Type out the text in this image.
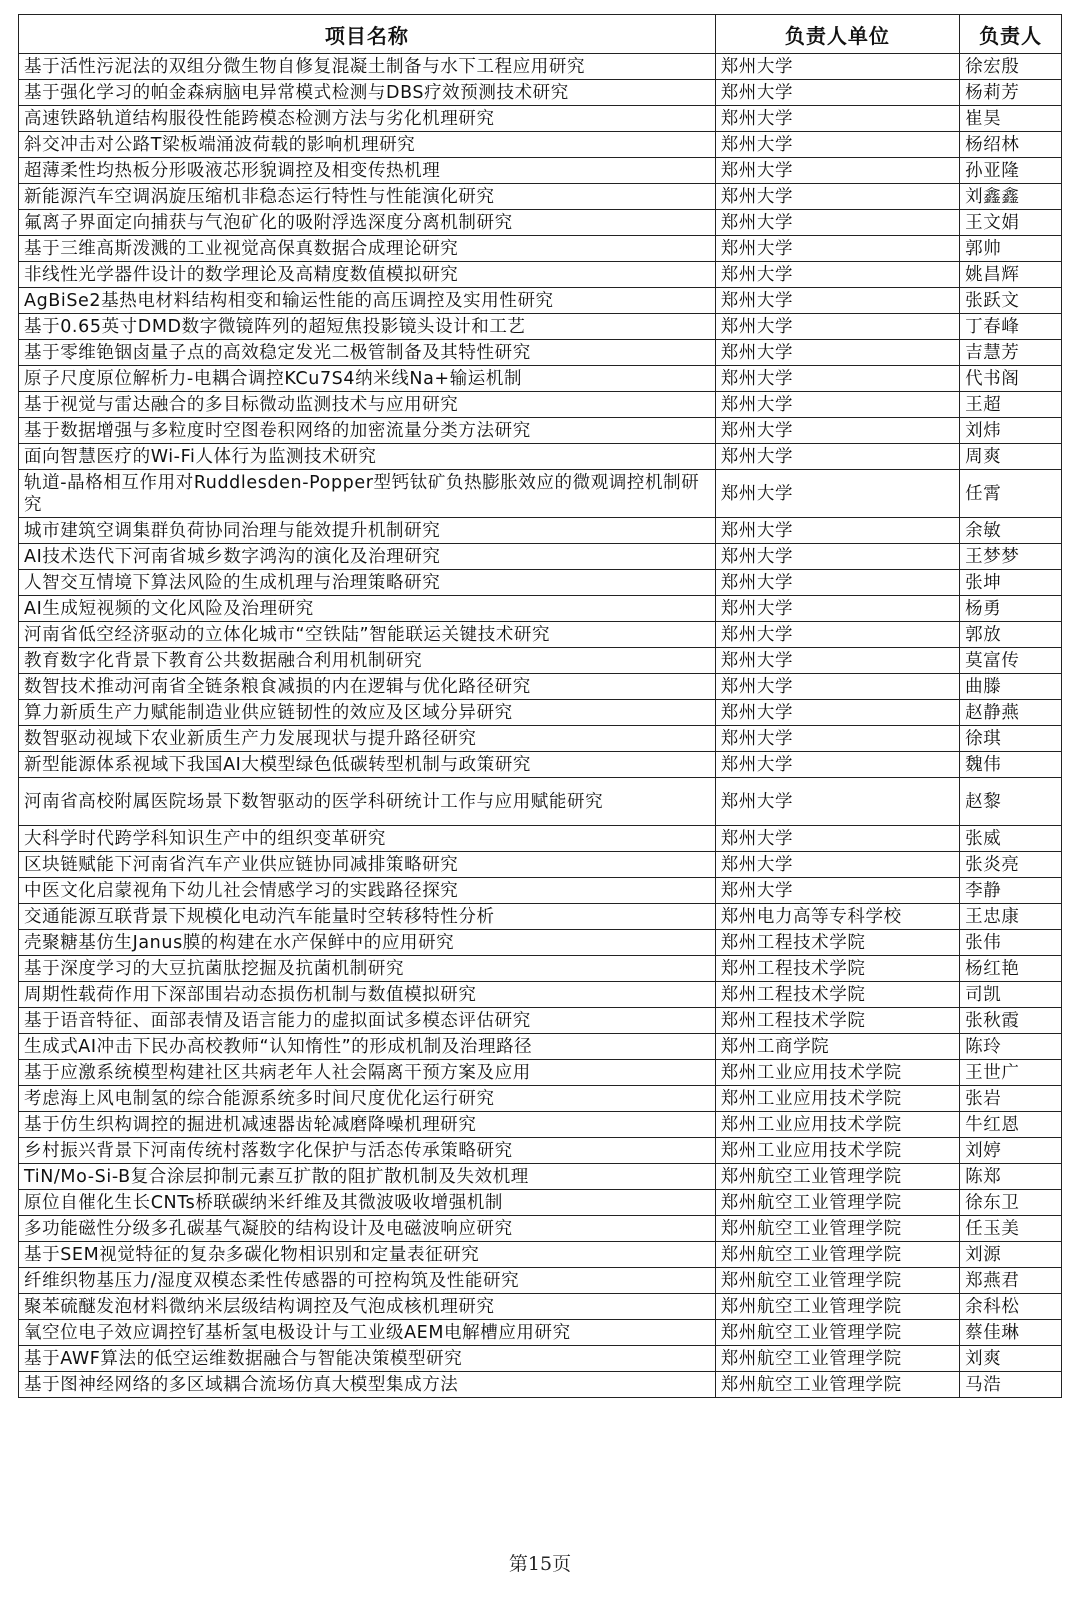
项目名称	负责人单位	负责人
基于活性污泥法的双组分微生物自修复混凝土制备与水下工程应用研究	郑州大学	徐宏殷
基于强化学习的帕金森病脑电异常模式检测与DBS疗效预测技术研究	郑州大学	杨莉芳
高速铁路轨道结构服役性能跨模态检测方法与劣化机理研究	郑州大学	崔昊
斜交冲击对公路T梁板端涌波荷载的影响机理研究	郑州大学	杨绍林
超薄柔性均热板分形吸液芯形貌调控及相变传热机理	郑州大学	孙亚隆
新能源汽车空调涡旋压缩机非稳态运行特性与性能演化研究	郑州大学	刘鑫鑫
氟离子界面定向捕获与气泡矿化的吸附浮选深度分离机制研究	郑州大学	王文娟
基于三维高斯泼溅的工业视觉高保真数据合成理论研究	郑州大学	郭帅
非线性光学器件设计的数学理论及高精度数值模拟研究	郑州大学	姚昌辉
AgBiSe2基热电材料结构相变和输运性能的高压调控及实用性研究	郑州大学	张跃文
基于0.65英寸DMD数字微镜阵列的超短焦投影镜头设计和工艺	郑州大学	丁春峰
基于零维铯铟卤量子点的高效稳定发光二极管制备及其特性研究	郑州大学	吉慧芳
原子尺度原位解析力-电耦合调控KCu7S4纳米线Na+输运机制	郑州大学	代书阁
基于视觉与雷达融合的多目标微动监测技术与应用研究	郑州大学	王超
基于数据增强与多粒度时空图卷积网络的加密流量分类方法研究	郑州大学	刘炜
面向智慧医疗的Wi-Fi人体行为监测技术研究	郑州大学	周爽
轨道-晶格相互作用对Ruddlesden-Popper型钙钛矿负热膨胀效应的微观调控机制研究	郑州大学	任霄
城市建筑空调集群负荷协同治理与能效提升机制研究	郑州大学	余敏
AI技术迭代下河南省城乡数字鸿沟的演化及治理研究	郑州大学	王梦梦
人智交互情境下算法风险的生成机理与治理策略研究	郑州大学	张坤
AI生成短视频的文化风险及治理研究	郑州大学	杨勇
河南省低空经济驱动的立体化城市“空铁陆”智能联运关键技术研究	郑州大学	郭放
教育数字化背景下教育公共数据融合利用机制研究	郑州大学	莫富传
数智技术推动河南省全链条粮食减损的内在逻辑与优化路径研究	郑州大学	曲滕
算力新质生产力赋能制造业供应链韧性的效应及区域分异研究	郑州大学	赵静燕
数智驱动视域下农业新质生产力发展现状与提升路径研究	郑州大学	徐琪
新型能源体系视域下我国AI大模型绿色低碳转型机制与政策研究	郑州大学	魏伟
河南省高校附属医院场景下数智驱动的医学科研统计工作与应用赋能研究	郑州大学	赵黎
大科学时代跨学科知识生产中的组织变革研究	郑州大学	张威
区块链赋能下河南省汽车产业供应链协同减排策略研究	郑州大学	张炎亮
中医文化启蒙视角下幼儿社会情感学习的实践路径探究	郑州大学	李静
交通能源互联背景下规模化电动汽车能量时空转移特性分析	郑州电力高等专科学校	王忠康
壳聚糖基仿生Janus膜的构建在水产保鲜中的应用研究	郑州工程技术学院	张伟
基于深度学习的大豆抗菌肽挖掘及抗菌机制研究	郑州工程技术学院	杨红艳
周期性载荷作用下深部围岩动态损伤机制与数值模拟研究	郑州工程技术学院	司凯
基于语音特征、面部表情及语言能力的虚拟面试多模态评估研究	郑州工程技术学院	张秋霞
生成式AI冲击下民办高校教师“认知惰性”的形成机制及治理路径	郑州工商学院	陈玲
基于应激系统模型构建社区共病老年人社会隔离干预方案及应用	郑州工业应用技术学院	王世广
考虑海上风电制氢的综合能源系统多时间尺度优化运行研究	郑州工业应用技术学院	张岩
基于仿生织构调控的掘进机减速器齿轮减磨降噪机理研究	郑州工业应用技术学院	牛红恩
乡村振兴背景下河南传统村落数字化保护与活态传承策略研究	郑州工业应用技术学院	刘婷
TiN/Mo-Si-B复合涂层抑制元素互扩散的阻扩散机制及失效机理	郑州航空工业管理学院	陈郑
原位自催化生长CNTs桥联碳纳米纤维及其微波吸收增强机制	郑州航空工业管理学院	徐东卫
多功能磁性分级多孔碳基气凝胶的结构设计及电磁波响应研究	郑州航空工业管理学院	任玉美
基于SEM视觉特征的复杂多碳化物相识别和定量表征研究	郑州航空工业管理学院	刘源
纤维织物基压力/湿度双模态柔性传感器的可控构筑及性能研究	郑州航空工业管理学院	郑燕君
聚苯硫醚发泡材料微纳米层级结构调控及气泡成核机理研究	郑州航空工业管理学院	余科松
氧空位电子效应调控钌基析氢电极设计与工业级AEM电解槽应用研究	郑州航空工业管理学院	蔡佳琳
基于AWF算法的低空运维数据融合与智能决策模型研究	郑州航空工业管理学院	刘爽
基于图神经网络的多区域耦合流场仿真大模型集成方法	郑州航空工业管理学院	马浩
第15页
